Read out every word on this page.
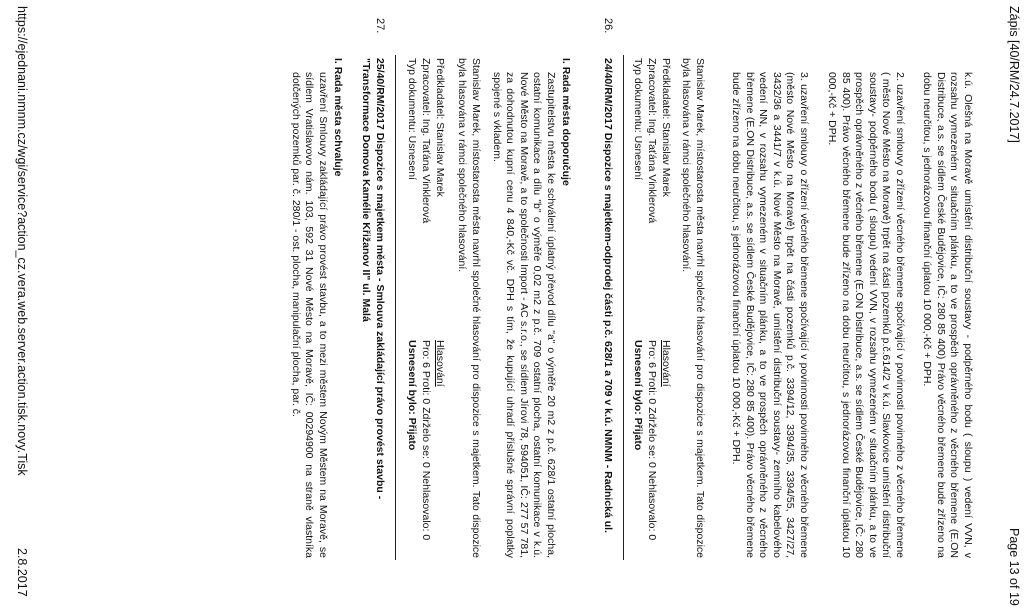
Zápis [40/RM/24.7.2017]
Page 13 of 19
k.ú. Olešná na Moravě umístění distribuční soustavy - podpěrného bodu ( sloupu ) vedení VVN, v rozsahu vymezeném v situačním plánku, a to ve prospěch oprávněného z věcného břemene (E.ON Distribuce, a.s. se sídlem České Budějovice, IČ: 280 85 400) Právo věcného břemene bude zřízeno na dobu neurčitou, s jednorázovou finanční úplatou 10 000,-Kč + DPH.
2. uzavření smlouvy o zřízení věcného břemene spočívající v povinnosti povinného z věcného břemene ( město Nové Město na Moravě) trpět na části pozemků p.č.614/2 v k.ú. Slavkovice umístění distribuční soustavy- podpěrného bodu ( sloupu) vedení VVN, v rozsahu vymezeném v situačním plánku, a to ve prospěch oprávněného z věcného břemene (E.ON Distribuce, a.s. se sídlem České Budějovice, IČ: 280 85 400). Právo věcného břemene bude zřízeno na dobu neurčitou, s jednorázovou finanční úplatou 10 000,-Kč + DPH.
3. uzavření smlouvy o zřízení věcného břemene spočívající v povinnosti povinného z věcného břemene (město Nové Město na Moravě) trpět na části pozemků p.č. 3394/12, 3394/35, 3394/55, 3427/27, 3432/36 a 3441/7 v k.ú. Nové Město na Moravě, umístění distribuční soustavy- zemního kabelového vedení NN, v rozsahu vymezeném v situačním plánku, a to ve prospěch oprávněného z věcného břemene (E.ON Distribuce, a.s. se sídlem České Budějovice, IČ: 280 85 400). Právo věcného břemene bude zřízeno na dobu neurčitou, s jednorázovou finanční úplatou 10 000,-Kč + DPH.
Stanislav Marek, místostarosta města navrhl společné hlasování pro dispozice s majetkem. Tato dispozice byla hlasována v rámci společného hlasování.
Předkladatel: Stanislav Marek
Hlasování
Zpracovatel: Ing. Taťána Vinklerová
Pro: 6 Proti: 0 Zdrželo se: 0 Nehlasovalo: 0
Typ dokumentu: Usnesení
Usnesení bylo: Přijato
26.
24/40/RM/2017 Dispozice s majetkem-odprodej části p.č. 628/1 a 709 v k.ú. NMNM - Radnická ul.
I. Rada města doporučuje
Zastupitelstvu města ke schválení úplatný převod dílu "a" o výměře 20 m2 z p.č. 628/1 ostatní plocha, ostatní komunikace a dílu "b" o výměře 0,02 m2 z p.č. 709 ostatní plocha, ostatní komunikace v k.ú. Nové Město na Moravě, a to společnosti Import - AC s.r.o., se sídlem Jírovi 78, 594051, IČ: 277 57 781, za dohodnutou kupní cenu 4 840,-Kč vč. DPH s tím, že kupující uhradí příslušné správní poplatky spojené s vkladem.
Stanislav Marek, místostarosta města navrhl společné hlasování pro dispozice s majetkem. Tato dispozice byla hlasována v rámci společného hlasování.
Předkladatel: Stanislav Marek
Hlasování
Zpracovatel: Ing. Taťána Vinklerová
Pro: 6 Proti: 0 Zdrželo se: 0 Nehlasovalo: 0
Typ dokumentu: Usnesení
Usnesení bylo: Přijato
27.
25/40/RM/2017 Dispozice s majetkem města - Smlouva zakládající právo provést stavbu - "Transformace Domova Kamélie Křižanov II" ul. Malá
I. Rada města schvaluje
uzavření Smlouvy zakládající právo provést stavbu, a to mezi městem Novým Městem na Moravě, se sídlem Vratislavovo nám. 103, 592 31 Nové Město na Moravě, IČ: 00294900 na straně vlastníka dotčených pozemků par. č. 280/1 - ost. plocha, manipulační plocha, par. č.
https://ejednani.nmnm.cz/wgi/service?action_cz.vera.web.server.action.tisk.novy.Tisk
2.8.2017
